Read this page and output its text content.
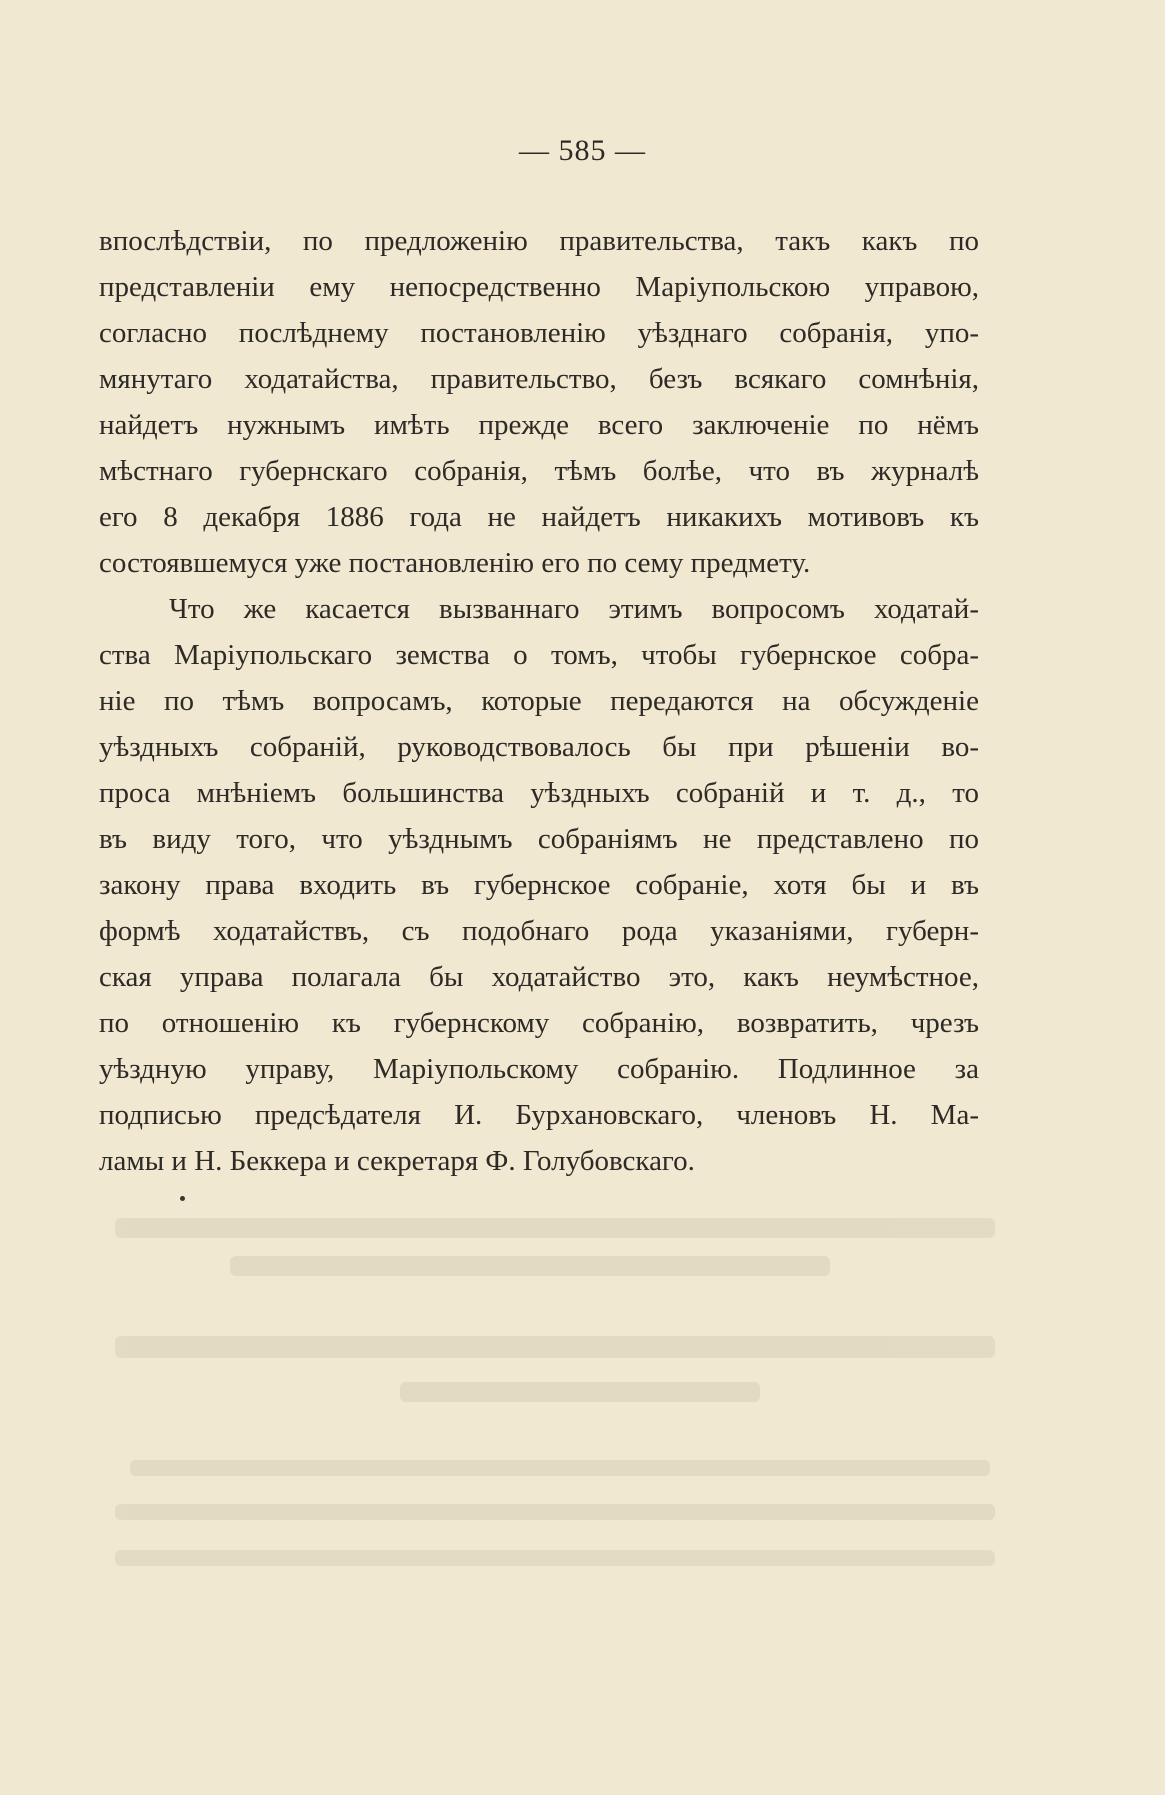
— 585 —

впослѣдствіи, по предложенію правительства, такъ какъ по
представленіи ему непосредственно Маріупольскою управою,
согласно послѣднему постановленію уѣзднаго собранія, упо-
мянутаго ходатайства, правительство, безъ всякаго сомнѣнія,
найдетъ нужнымъ имѣть прежде всего заключеніе по нёмъ
мѣстнаго губернскаго собранія, тѣмъ болѣе, что въ журналѣ
его 8 декабря 1886 года не найдетъ никакихъ мотивовъ къ
состоявшемуся уже постановленію его по сему предмету.

Что же касается вызваннаго этимъ вопросомъ ходатай-
ства Маріупольскаго земства о томъ, чтобы губернское собра-
ніе по тѣмъ вопросамъ, которые передаются на обсужденіе
уѣздныхъ собраній, руководствовалось бы при рѣшеніи во-
проса мнѣніемъ большинства уѣздныхъ собраній и т. д., то
въ виду того, что уѣзднымъ собраніямъ не представлено по
закону права входить въ губернское собраніе, хотя бы и въ
формѣ ходатайствъ, съ подобнаго рода указаніями, губерн-
ская управа полагала бы ходатайство это, какъ неумѣстное,
по отношенію къ губернскому собранію, возвратить, чрезъ
уѣздную управу, Маріупольскому собранію. Подлинное за
подписью предсѣдателя И. Бурхановскаго, членовъ Н. Ма-
ламы и Н. Беккера и секретаря Ф. Голубовскаго.
